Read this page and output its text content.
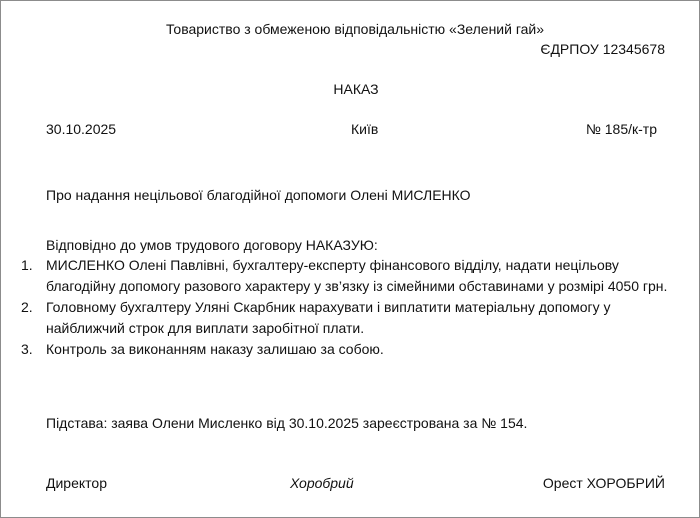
Товариство з обмеженою відповідальністю «Зелений гай»
ЄДРПОУ 12345678
НАКАЗ
30.10.2025	Київ	№ 185/к-тр
Про надання нецільової благодійної допомоги Олені МИСЛЕНКО
Відповідно до умов трудового договору НАКАЗУЮ:
1. МИСЛЕНКО Олені Павлівні, бухгалтеру-експерту фінансового відділу, надати нецільову благодійну допомогу разового характеру у зв’язку із сімейними обставинами у розмірі 4050 грн.
2. Головному бухгалтеру Уляні Скарбник нарахувати і виплатити матеріальну допомогу у найближчий строк для виплати заробітної плати.
3. Контроль за виконанням наказу залишаю за собою.
Підстава: заява Олени Мисленко від 30.10.2025 зареєстрована за № 154.
Директор	Хоробрий	Орест ХОРОБРИЙ
